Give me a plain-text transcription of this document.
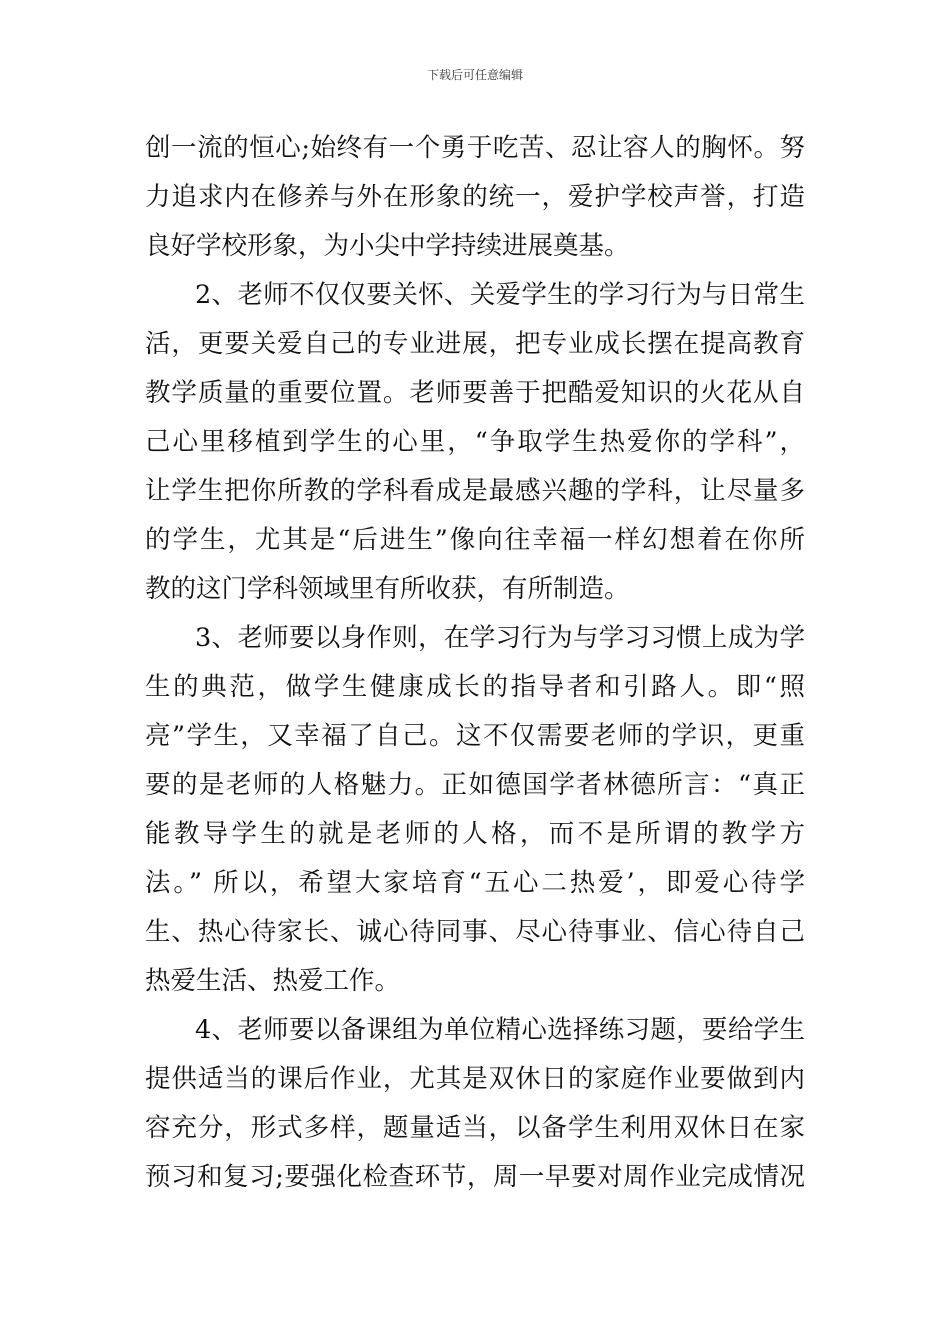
下载后可任意编辑
创一流的恒心;始终有一个勇于吃苦、忍让容人的胸怀。努
力追求内在修养与外在形象的统一，爱护学校声誉，打造
良好学校形象，为小尖中学持续进展奠基。
2、老师不仅仅要关怀、关爱学生的学习行为与日常生
活，更要关爱自己的专业进展，把专业成长摆在提高教育
教学质量的重要位置。老师要善于把酷爱知识的火花从自
己心里移植到学生的心里，“争取学生热爱你的学科”，
让学生把你所教的学科看成是最感兴趣的学科，让尽量多
的学生，尤其是“后进生”像向往幸福一样幻想着在你所
教的这门学科领域里有所收获，有所制造。
3、老师要以身作则，在学习行为与学习习惯上成为学
生的典范，做学生健康成长的指导者和引路人。即“照
亮”学生，又幸福了自己。这不仅需要老师的学识，更重
要的是老师的人格魅力。正如德国学者林德所言：“真正
能教导学生的就是老师的人格，而不是所谓的教学方
法。” 所以，希望大家培育“五心二热爱’，即爱心待学
生、热心待家长、诚心待同事、尽心待事业、信心待自己
热爱生活、热爱工作。
4、老师要以备课组为单位精心选择练习题，要给学生
提供适当的课后作业，尤其是双休日的家庭作业要做到内
容充分，形式多样，题量适当，以备学生利用双休日在家
预习和复习;要强化检查环节，周一早要对周作业完成情况
